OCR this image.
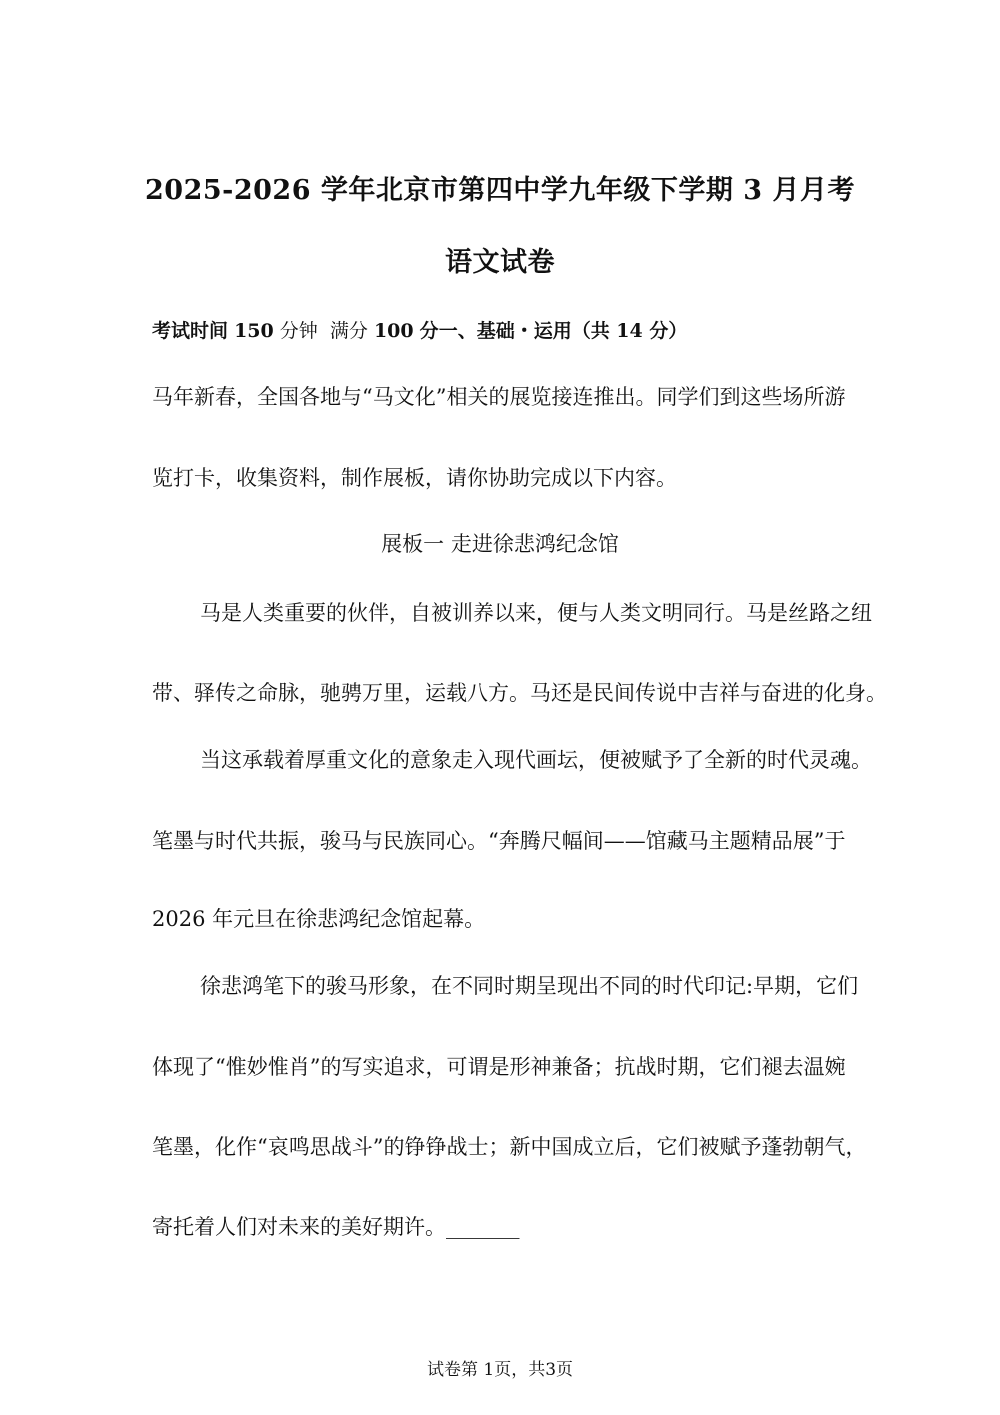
2025-2026 学年北京市第四中学九年级下学期 3 月月考
语文试卷
考试时间 150 分钟 满分 100 分一、基础・运用（共 14 分）
马年新春，全国各地与“马文化”相关的展览接连推出。同学们到这些场所游
览打卡，收集资料，制作展板，请你协助完成以下内容。
展板一 走进徐悲鸿纪念馆
马是人类重要的伙伴，自被训养以来，便与人类文明同行。马是丝路之纽
带、驿传之命脉，驰骋万里，运载八方。马还是民间传说中吉祥与奋进的化身。
当这承载着厚重文化的意象走入现代画坛，便被赋予了全新的时代灵魂。
笔墨与时代共振，骏马与民族同心。“奔腾尺幅间——馆藏马主题精品展”于
2026 年元旦在徐悲鸿纪念馆起幕。
徐悲鸿笔下的骏马形象，在不同时期呈现出不同的时代印记:早期，它们
体现了“惟妙惟肖”的写实追求，可谓是形神兼备；抗战时期，它们褪去温婉
笔墨，化作“哀鸣思战斗”的铮铮战士；新中国成立后，它们被赋予蓬勃朝气，
寄托着人们对未来的美好期许。_______
试卷第 1页，共3页
